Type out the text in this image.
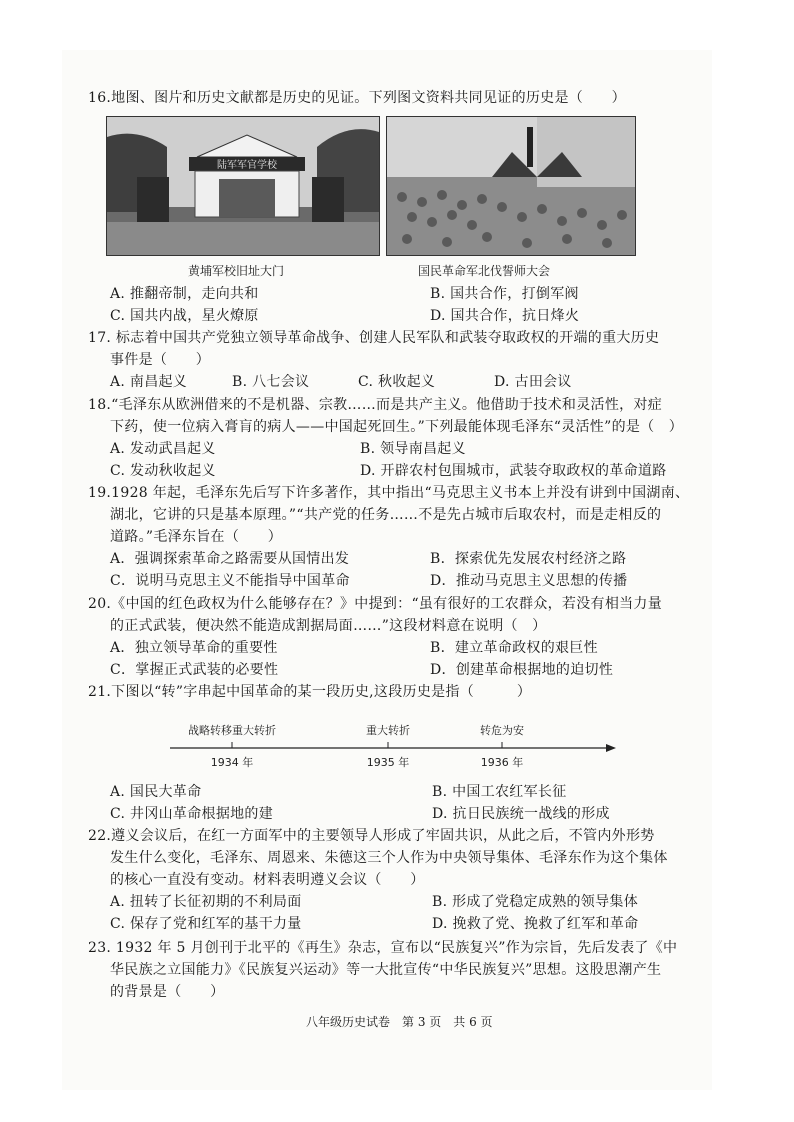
16.地图、图片和历史文献都是历史的见证。下列图文资料共同见证的历史是（　　）
陆军军官学校
黄埔军校旧址大门	国民革命军北伐誓师大会
A. 推翻帝制，走向共和	B. 国共合作，打倒军阀
C. 国共内战，星火燎原	D. 国共合作，抗日烽火
17. 标志着中国共产党独立领导革命战争、创建人民军队和武装夺取政权的开端的重大历史
事件是（　　）
A. 南昌起义	B. 八七会议	C. 秋收起义	D. 古田会议
18.“毛泽东从欧洲借来的不是机器、宗教……而是共产主义。他借助于技术和灵活性，对症
下药，使一位病入膏肓的病人——中国起死回生。”下列最能体现毛泽东“灵活性”的是（　）
A. 发动武昌起义	B. 领导南昌起义
C. 发动秋收起义	D. 开辟农村包围城市，武装夺取政权的革命道路
19.1928 年起，毛泽东先后写下许多著作，其中指出“马克思主义书本上并没有讲到中国湖南、
湖北，它讲的只是基本原理。”“共产党的任务……不是先占城市后取农村，而是走相反的
道路。”毛泽东旨在（　　）
A．强调探索革命之路需要从国情出发	B．探索优先发展农村经济之路
C．说明马克思主义不能指导中国革命	D．推动马克思主义思想的传播
20.《中国的红色政权为什么能够存在？》中提到：“虽有很好的工农群众，若没有相当力量
的正式武装，便决然不能造成割据局面……”这段材料意在说明（　）
A．独立领导革命的重要性	B．建立革命政权的艰巨性
C．掌握正式武装的必要性	D．创建革命根据地的迫切性
21.下图以“转”字串起中国革命的某一段历史,这段历史是指（　　　）
战略转移重大转折	重大转折	转危为安
1934 年	1935 年	1936 年
A. 国民大革命	B. 中国工农红军长征
C. 井冈山革命根据地的建	D. 抗日民族统一战线的形成
22.遵义会议后，在红一方面军中的主要领导人形成了牢固共识，从此之后，不管内外形势
发生什么变化，毛泽东、周恩来、朱德这三个人作为中央领导集体、毛泽东作为这个集体
的核心一直没有变动。材料表明遵义会议（　　）
A. 扭转了长征初期的不利局面	B. 形成了党稳定成熟的领导集体
C. 保存了党和红军的基干力量	D. 挽救了党、挽救了红军和革命
23. 1932 年 5 月创刊于北平的《再生》杂志，宣布以“民族复兴”作为宗旨，先后发表了《中
华民族之立国能力》《民族复兴运动》等一大批宣传“中华民族复兴”思想。这股思潮产生
的背景是（　　）
八年级历史试卷　第 3 页　共 6 页
